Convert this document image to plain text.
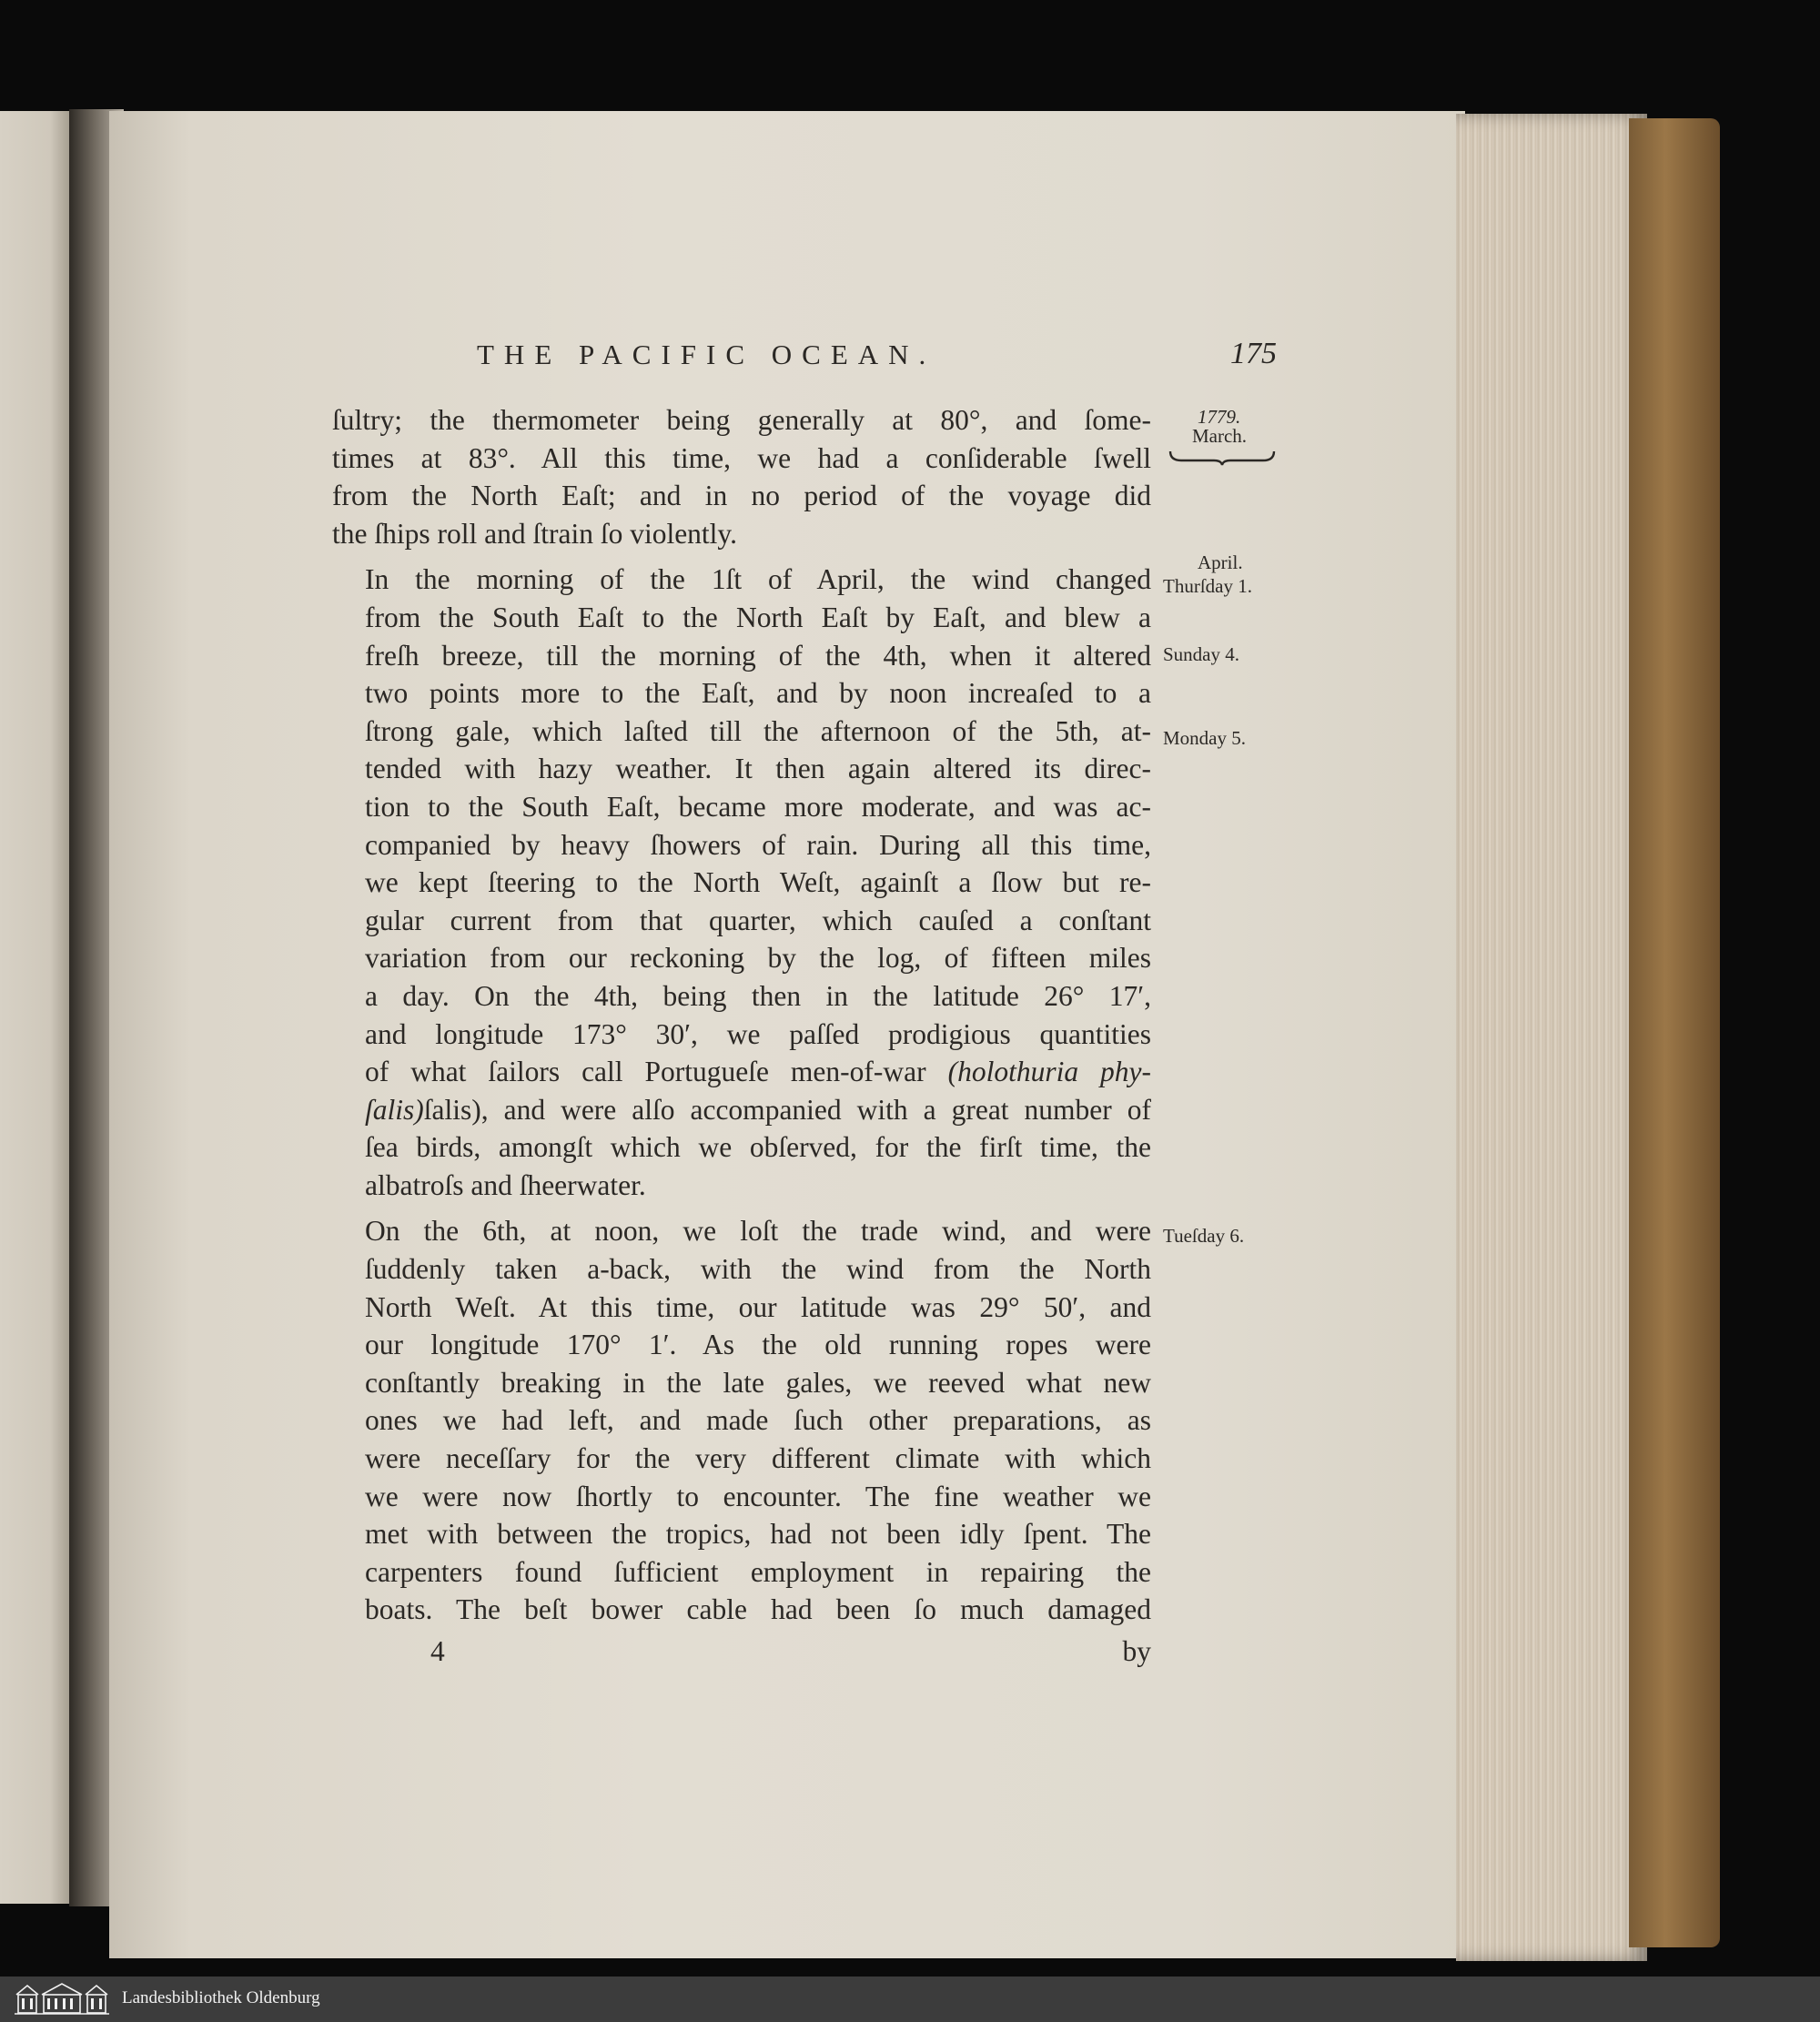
THE PACIFIC OCEAN.	175
1779.
March.
April.
Thurſday 1.
Sunday 4.
Monday 5.
Tueſday 6.

ſultry; the thermometer being generally at 80°, and ſome-
times at 83°. All this time, we had a conſiderable ſwell
from the North Eaſt; and in no period of the voyage did
the ſhips roll and ſtrain ſo violently.

In the morning of the 1ſt of April, the wind changed
from the South Eaſt to the North Eaſt by Eaſt, and blew a
freſh breeze, till the morning of the 4th, when it altered
two points more to the Eaſt, and by noon increaſed to a
ſtrong gale, which laſted till the afternoon of the 5th, at-
tended with hazy weather. It then again altered its direc-
tion to the South Eaſt, became more moderate, and was ac-
companied by heavy ſhowers of rain. During all this time,
we kept ſteering to the North Weſt, againſt a ſlow but re-
gular current from that quarter, which cauſed a conſtant
variation from our reckoning by the log, of fifteen miles
a day. On the 4th, being then in the latitude 26° 17′,
and longitude 173° 30′, we paſſed prodigious quantities
of what ſailors call Portugueſe men-of-war (holothuria phy-
ſalis)ſalis), and were alſo accompanied with a great number of
ſea birds, amongſt which we obſerved, for the firſt time, the
albatroſs and ſheerwater.

On the 6th, at noon, we loſt the trade wind, and were
ſuddenly taken a-back, with the wind from the North
North Weſt. At this time, our latitude was 29° 50′, and
our longitude 170° 1′. As the old running ropes were
conſtantly breaking in the late gales, we reeved what new
ones we had left, and made ſuch other preparations, as
were neceſſary for the very different climate with which
we were now ſhortly to encounter. The fine weather we
met with between the tropics, had not been idly ſpent. The
carpenters found ſufficient employment in repairing the
boats. The beſt bower cable had been ſo much damaged

4	by
Landesbibliothek Oldenburg
